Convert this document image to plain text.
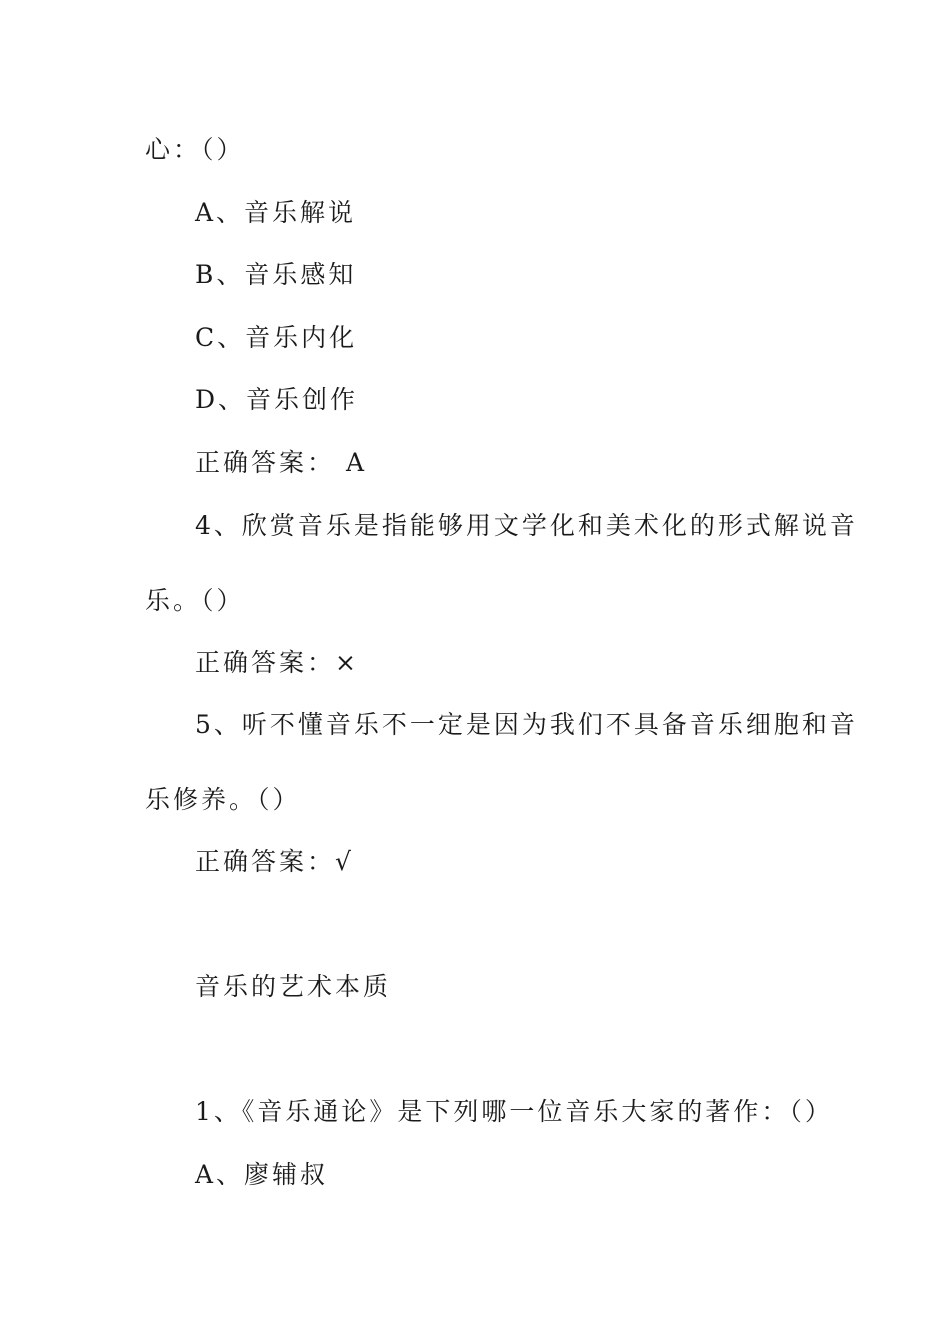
心：（）
A、音乐解说
B、音乐感知
C、音乐内化
D、音乐创作
正确答案： A
4、欣赏音乐是指能够用文学化和美术化的形式解说音
乐。（）
正确答案：×
5、听不懂音乐不一定是因为我们不具备音乐细胞和音
乐修养。（）
正确答案：√
音乐的艺术本质
1、《音乐通论》是下列哪一位音乐大家的著作：（）
A、廖辅叔
